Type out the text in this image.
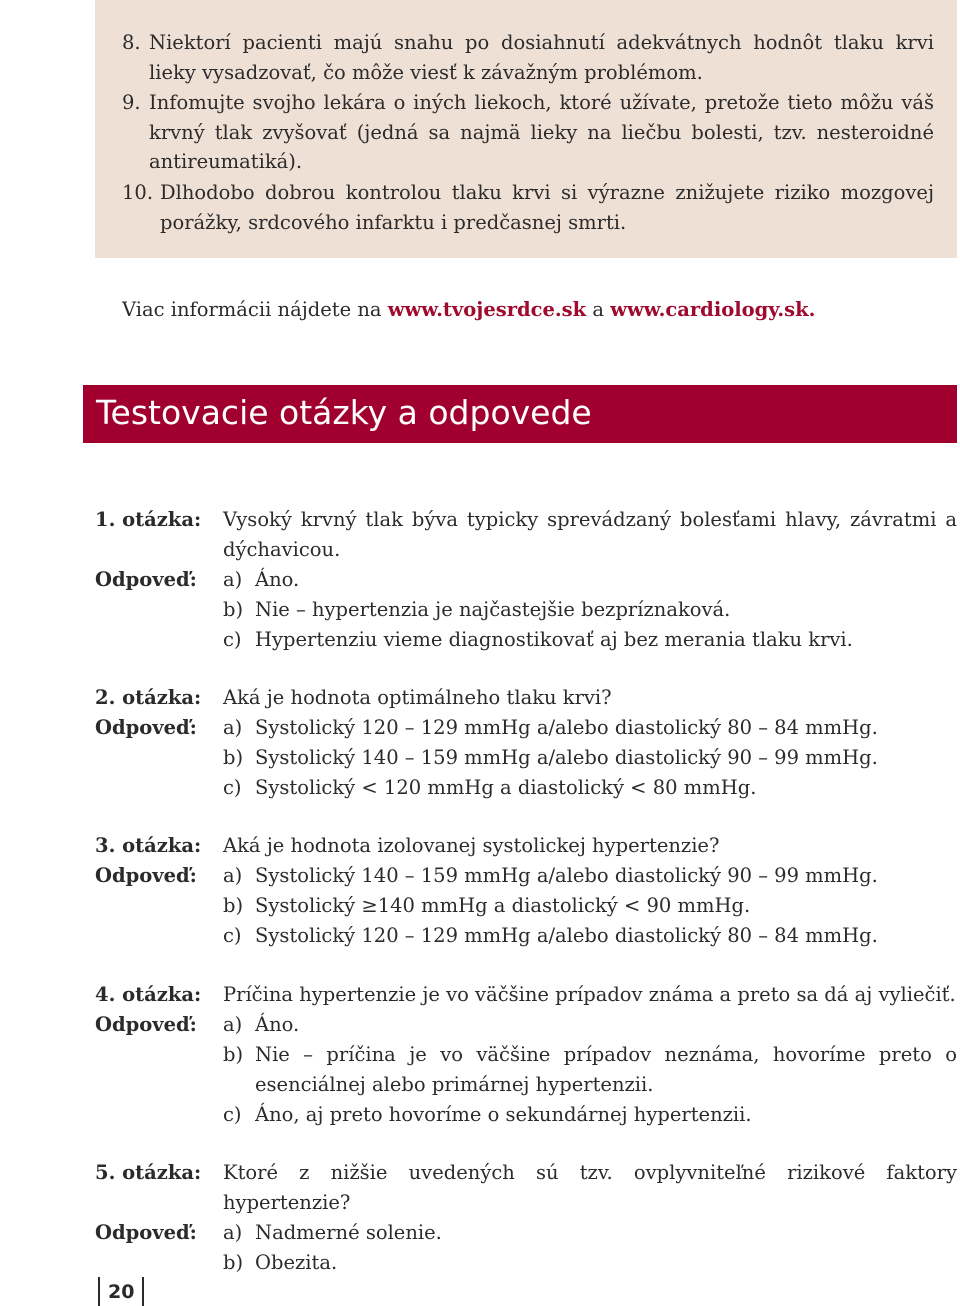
8. Niektorí pacienti majú snahu po dosiahnutí adekvátnych hodnôt tlaku krvi lieky vysadzovať, čo môže viesť k závažným problémom.
9. Infomujte svojho lekára o iných liekoch, ktoré užívate, pretože tieto môžu váš krvný tlak zvyšovať (jedná sa najmä lieky na liečbu bolesti, tzv. nesteroidné antireumatiká).
10. Dlhodobo dobrou kontrolou tlaku krvi si výrazne znižujete riziko mozgovej porážky, srdcového infarktu i predčasnej smrti.
Viac informácii nájdete na www.tvojesrdce.sk a www.cardiology.sk.
Testovacie otázky a odpovede
1. otázka: Vysoký krvný tlak býva typicky sprevádzaný bolesťami hlavy, závratmi a dýchavicou.
Odpoveď: a) Áno.
b) Nie – hypertenzia je najčastejšie bezpríznaková.
c) Hypertenziu vieme diagnostikovať aj bez merania tlaku krvi.
2. otázka: Aká je hodnota optimálneho tlaku krvi?
Odpoveď: a) Systolický 120 – 129 mmHg a/alebo diastolický 80 – 84 mmHg.
b) Systolický 140 – 159 mmHg a/alebo diastolický 90 – 99 mmHg.
c) Systolický < 120 mmHg a diastolický < 80 mmHg.
3. otázka: Aká je hodnota izolovanej systolickej hypertenzie?
Odpoveď: a) Systolický 140 – 159 mmHg a/alebo diastolický 90 – 99 mmHg.
b) Systolický ≥140 mmHg a diastolický < 90 mmHg.
c) Systolický 120 – 129 mmHg a/alebo diastolický 80 – 84 mmHg.
4. otázka: Príčina hypertenzie je vo väčšine prípadov známa a preto sa dá aj vyliečiť.
Odpoveď: a) Áno.
b) Nie – príčina je vo väčšine prípadov neznáma, hovoríme preto o esenciálnej alebo primárnej hypertenzii.
c) Áno, aj preto hovoríme o sekundárnej hypertenzii.
5. otázka: Ktoré z nižšie uvedených sú tzv. ovplyvniteľné rizikové faktory hypertenzie?
Odpoveď: a) Nadmerné solenie.
b) Obezita.
20
